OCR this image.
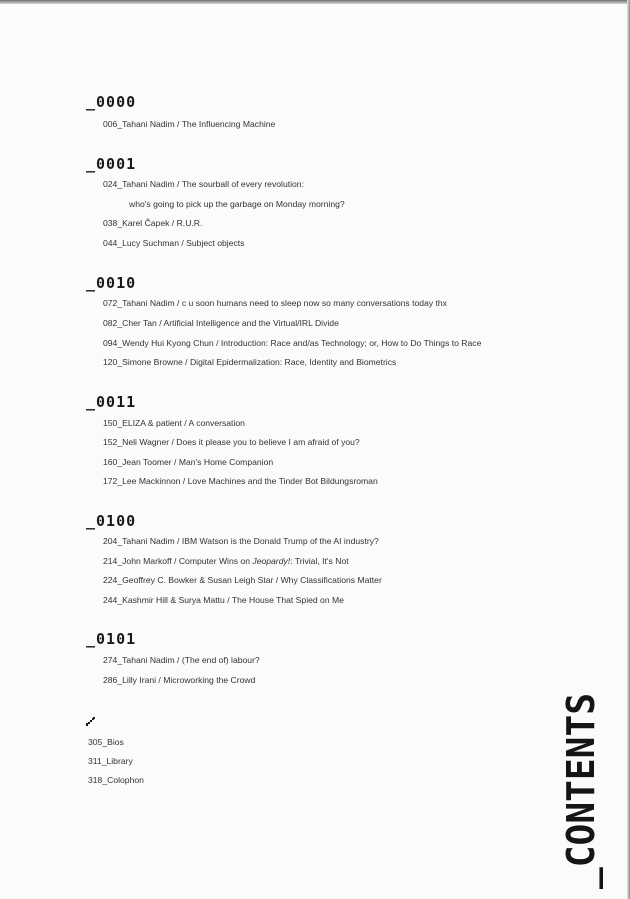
_0000
006_Tahani Nadim / The Influencing Machine
_0001
024_Tahani Nadim / The sourball of every revolution:
who's going to pick up the garbage on Monday morning?
038_Karel Čapek / R.U.R.
044_Lucy Suchman / Subject objects
_0010
072_Tahani Nadim / c u soon humans need to sleep now so many conversations today thx
082_Cher Tan / Artificial Intelligence and the Virtual/IRL Divide
094_Wendy Hui Kyong Chun / Introduction: Race and/as Technology; or, How to Do Things to Race
120_Simone Browne / Digital Epidermalization: Race, Identity and Biometrics
_0011
150_ELIZA & patient / A conversation
152_Neli Wagner / Does it please you to believe I am afraid of you?
160_Jean Toomer / Man's Home Companion
172_Lee Mackinnon / Love Machines and the Tinder Bot Bildungsroman
_0100
204_Tahani Nadim / IBM Watson is the Donald Trump of the AI industry?
214_John Markoff / Computer Wins on Jeopardy!: Trivial, It's Not
224_Geoffrey C. Bowker & Susan Leigh Star / Why Classifications Matter
244_Kashmir Hill & Surya Mattu / The House That Spied on Me
_0101
274_Tahani Nadim / (The end of) labour?
286_Lilly Irani / Microworking the Crowd
305_Bios
311_Library
318_Colophon	_CONTENTS
